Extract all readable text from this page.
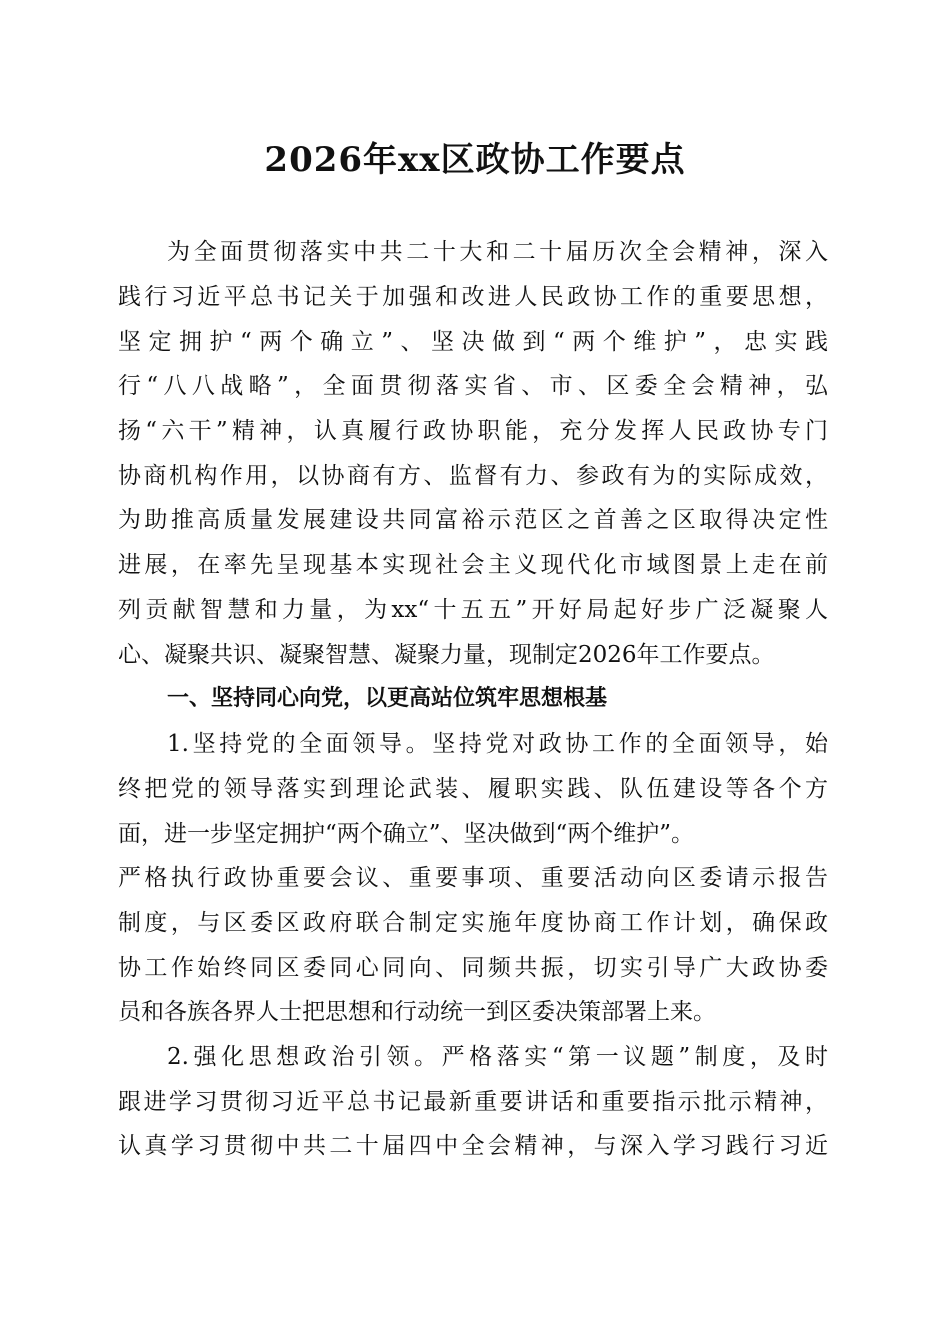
2026年xx区政协工作要点
为全面贯彻落实中共二十大和二十届历次全会精神，深入
践行习近平总书记关于加强和改进人民政协工作的重要思想，
坚定拥护“两个确立”、坚决做到“两个维护”，忠实践
行“八八战略”，全面贯彻落实省、市、区委全会精神，弘
扬“六干”精神，认真履行政协职能，充分发挥人民政协专门
协商机构作用，以协商有方、监督有力、参政有为的实际成效，
为助推高质量发展建设共同富裕示范区之首善之区取得决定性
进展，在率先呈现基本实现社会主义现代化市域图景上走在前
列贡献智慧和力量，为xx“十五五”开好局起好步广泛凝聚人
心、凝聚共识、凝聚智慧、凝聚力量，现制定2026年工作要点。
一、坚持同心向党，以更高站位筑牢思想根基
1.坚持党的全面领导。坚持党对政协工作的全面领导，始
终把党的领导落实到理论武装、履职实践、队伍建设等各个方
面，进一步坚定拥护“两个确立”、坚决做到“两个维护”。
严格执行政协重要会议、重要事项、重要活动向区委请示报告
制度，与区委区政府联合制定实施年度协商工作计划，确保政
协工作始终同区委同心同向、同频共振，切实引导广大政协委
员和各族各界人士把思想和行动统一到区委决策部署上来。
2.强化思想政治引领。严格落实“第一议题”制度，及时
跟进学习贯彻习近平总书记最新重要讲话和重要指示批示精神，
认真学习贯彻中共二十届四中全会精神，与深入学习践行习近
